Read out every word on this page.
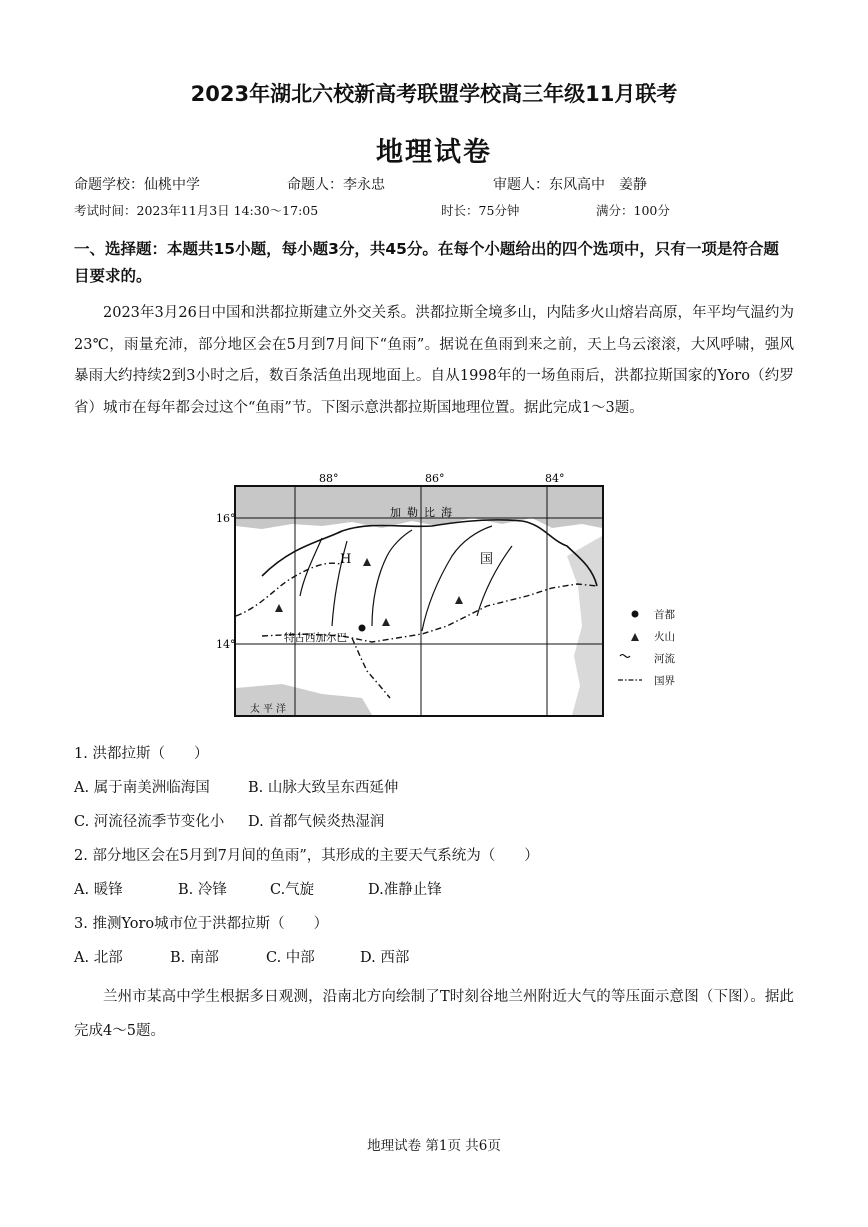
2023年湖北六校新高考联盟学校高三年级11月联考
地理试卷
命题学校：仙桃中学	命题人：李永忠	审题人：东风高中　姜静
考试时间：2023年11月3日 14:30～17:05	时长：75分钟	满分：100分
一、选择题：本题共15小题，每小题3分，共45分。在每个小题给出的四个选项中，只有一项是符合题目要求的。
2023年3月26日中国和洪都拉斯建立外交关系。洪都拉斯全境多山，内陆多火山熔岩高原，年平均气温约为23℃，雨量充沛，部分地区会在5月到7月间下“鱼雨”。据说在鱼雨到来之前，天上乌云滚滚，大风呼啸，强风暴雨大约持续2到3小时之后，数百条活鱼出现地面上。自从1998年的一场鱼雨后，洪都拉斯国家的Yoro（约罗省）城市在每年都会过这个“鱼雨”节。下图示意洪都拉斯国地理位置。据此完成1～3题。
88°	86°	84°
16°
14°	特古西加尔巴
加勒比海
太平洋
H	国
首都
火山
河流
国界
1. 洪都拉斯（　　）
A. 属于南美洲临海国	B. 山脉大致呈东西延伸
C. 河流径流季节变化小 D. 首都气候炎热湿润
2. 部分地区会在5月到7月间的鱼雨”，其形成的主要天气系统为（　　）
A. 暖锋	B. 冷锋	C.气旋	D.准静止锋
3. 推测Yoro城市位于洪都拉斯（　　）
A. 北部	B. 南部	C. 中部	D. 西部
兰州市某高中学生根据多日观测，沿南北方向绘制了T时刻谷地兰州附近大气的等压面示意图（下图）。据此完成4～5题。
地理试卷 第1页 共6页
